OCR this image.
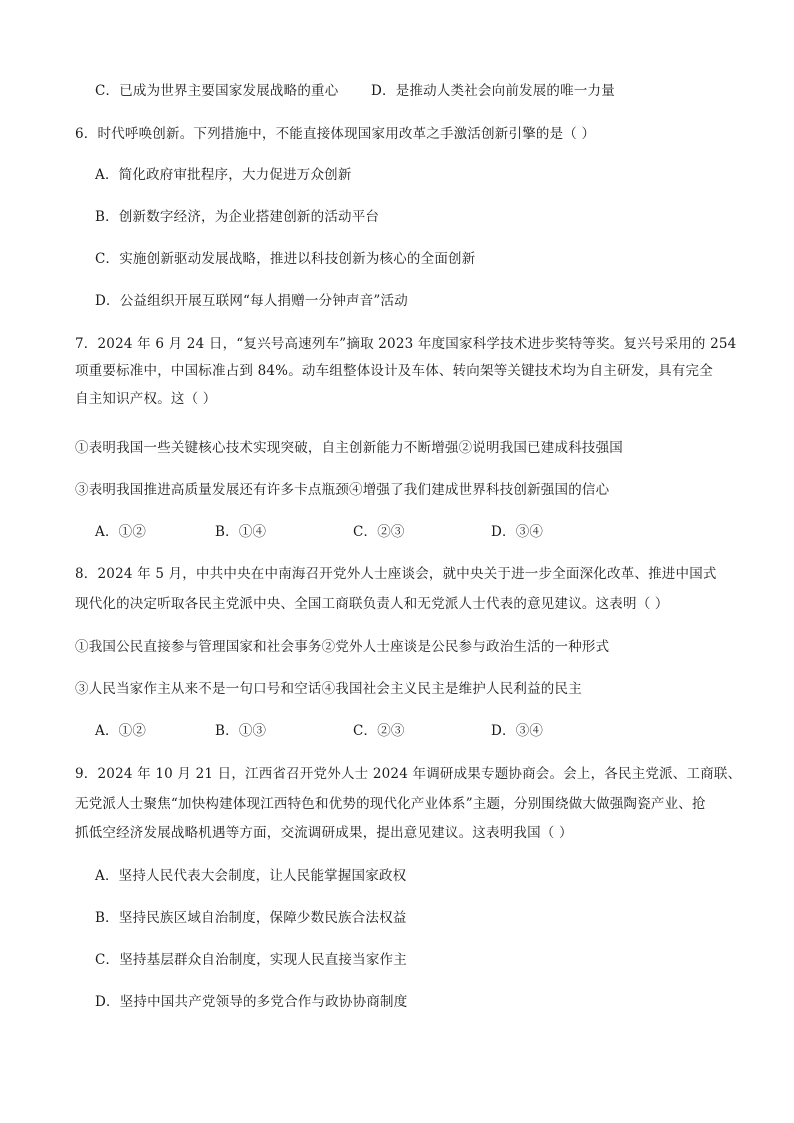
C．已成为世界主要国家发展战略的重心 D．是推动人类社会向前发展的唯一力量
6．时代呼唤创新。下列措施中，不能直接体现国家用改革之手激活创新引擎的是（ ）
A．简化政府审批程序，大力促进万众创新
B．创新数字经济，为企业搭建创新的活动平台
C．实施创新驱动发展战略，推进以科技创新为核心的全面创新
D．公益组织开展互联网“每人捐赠一分钟声音”活动
7．2024 年 6 月 24 日，“复兴号高速列车”摘取 2023 年度国家科学技术进步奖特等奖。复兴号采用的 254
项重要标准中，中国标准占到 84%。动车组整体设计及车体、转向架等关键技术均为自主研发，具有完全
自主知识产权。这（ ）
①表明我国一些关键核心技术实现突破，自主创新能力不断增强②说明我国已建成科技强国
③表明我国推进高质量发展还有许多卡点瓶颈④增强了我们建成世界科技创新强国的信心
A．①②	B．①④	C．②③	D．③④
8．2024 年 5 月，中共中央在中南海召开党外人士座谈会，就中央关于进一步全面深化改革、推进中国式
现代化的决定听取各民主党派中央、全国工商联负责人和无党派人士代表的意见建议。这表明（ ）
①我国公民直接参与管理国家和社会事务②党外人士座谈是公民参与政治生活的一种形式
③人民当家作主从来不是一句口号和空话④我国社会主义民主是维护人民利益的民主
A．①②	B．①③	C．②③	D．③④
9．2024 年 10 月 21 日，江西省召开党外人士 2024 年调研成果专题协商会。会上，各民主党派、工商联、
无党派人士聚焦“加快构建体现江西特色和优势的现代化产业体系”主题，分别围绕做大做强陶瓷产业、抢
抓低空经济发展战略机遇等方面，交流调研成果，提出意见建议。这表明我国（ ）
A．坚持人民代表大会制度，让人民能掌握国家政权
B．坚持民族区域自治制度，保障少数民族合法权益
C．坚持基层群众自治制度，实现人民直接当家作主
D．坚持中国共产党领导的多党合作与政协协商制度
